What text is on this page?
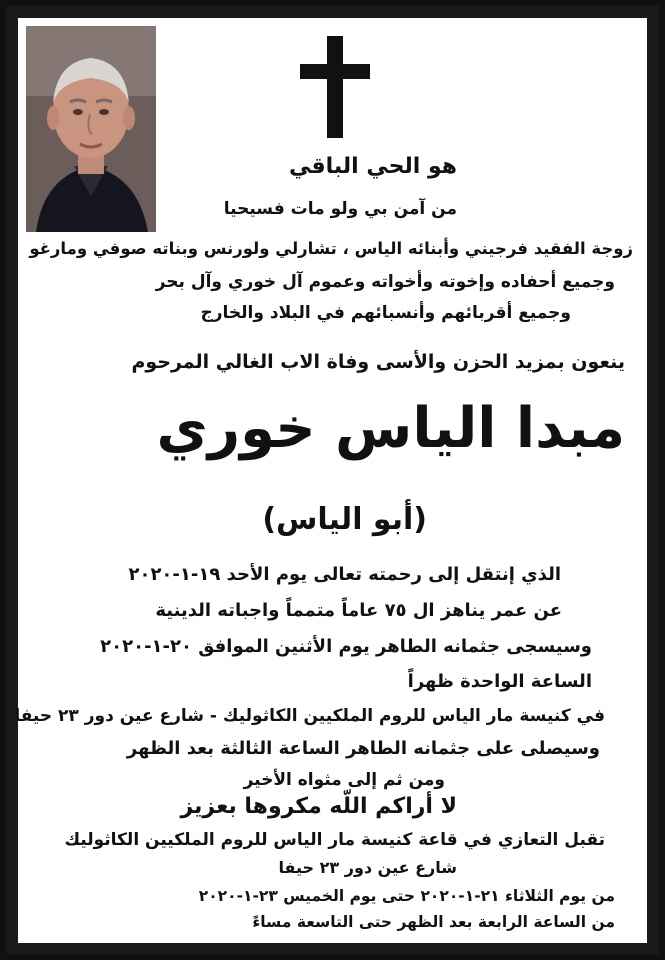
هو الحي الباقي
من آمن بي ولو مات فسيحيا
زوجة الفقيد فرجيني وأبنائه الياس ، تشارلي ولورنس وبناته صوفي ومارغو
وجميع أحفاده وإخوته وأخواته وعموم آل خوري وآل بحر
وجميع أقربائهم وأنسبائهم في البلاد والخارج
ينعون بمزيد الحزن والأسى وفاة الاب الغالي المرحوم
مبدا الياس خوري
(أبو الياس)
الذي إنتقل إلى رحمته تعالى يوم الأحد ١٩-١-٢٠٢٠
عن عمر يناهز ال ٧٥ عاماً متمماً واجباته الدينية
وسيسجى جثمانه الطاهر يوم الأثنين الموافق ٢٠-١-٢٠٢٠
الساعة الواحدة ظهراً
في كنيسة مار الياس للروم الملكيين الكاثوليك - شارع عين دور ٢٣ حيفا
وسيصلى على جثمانه الطاهر الساعة الثالثة بعد الظهر
ومن ثم إلى مثواه الأخير
لا أراكم اللّه مكروها بعزيز
تقبل التعازي في قاعة كنيسة مار الياس للروم الملكيين الكاثوليك
شارع عين دور ٢٣ حيفا
من يوم الثلاثاء ٢١-١-٢٠٢٠ حتى يوم الخميس ٢٣-١-٢٠٢٠
من الساعة الرابعة بعد الظهر حتى التاسعة مساءً
